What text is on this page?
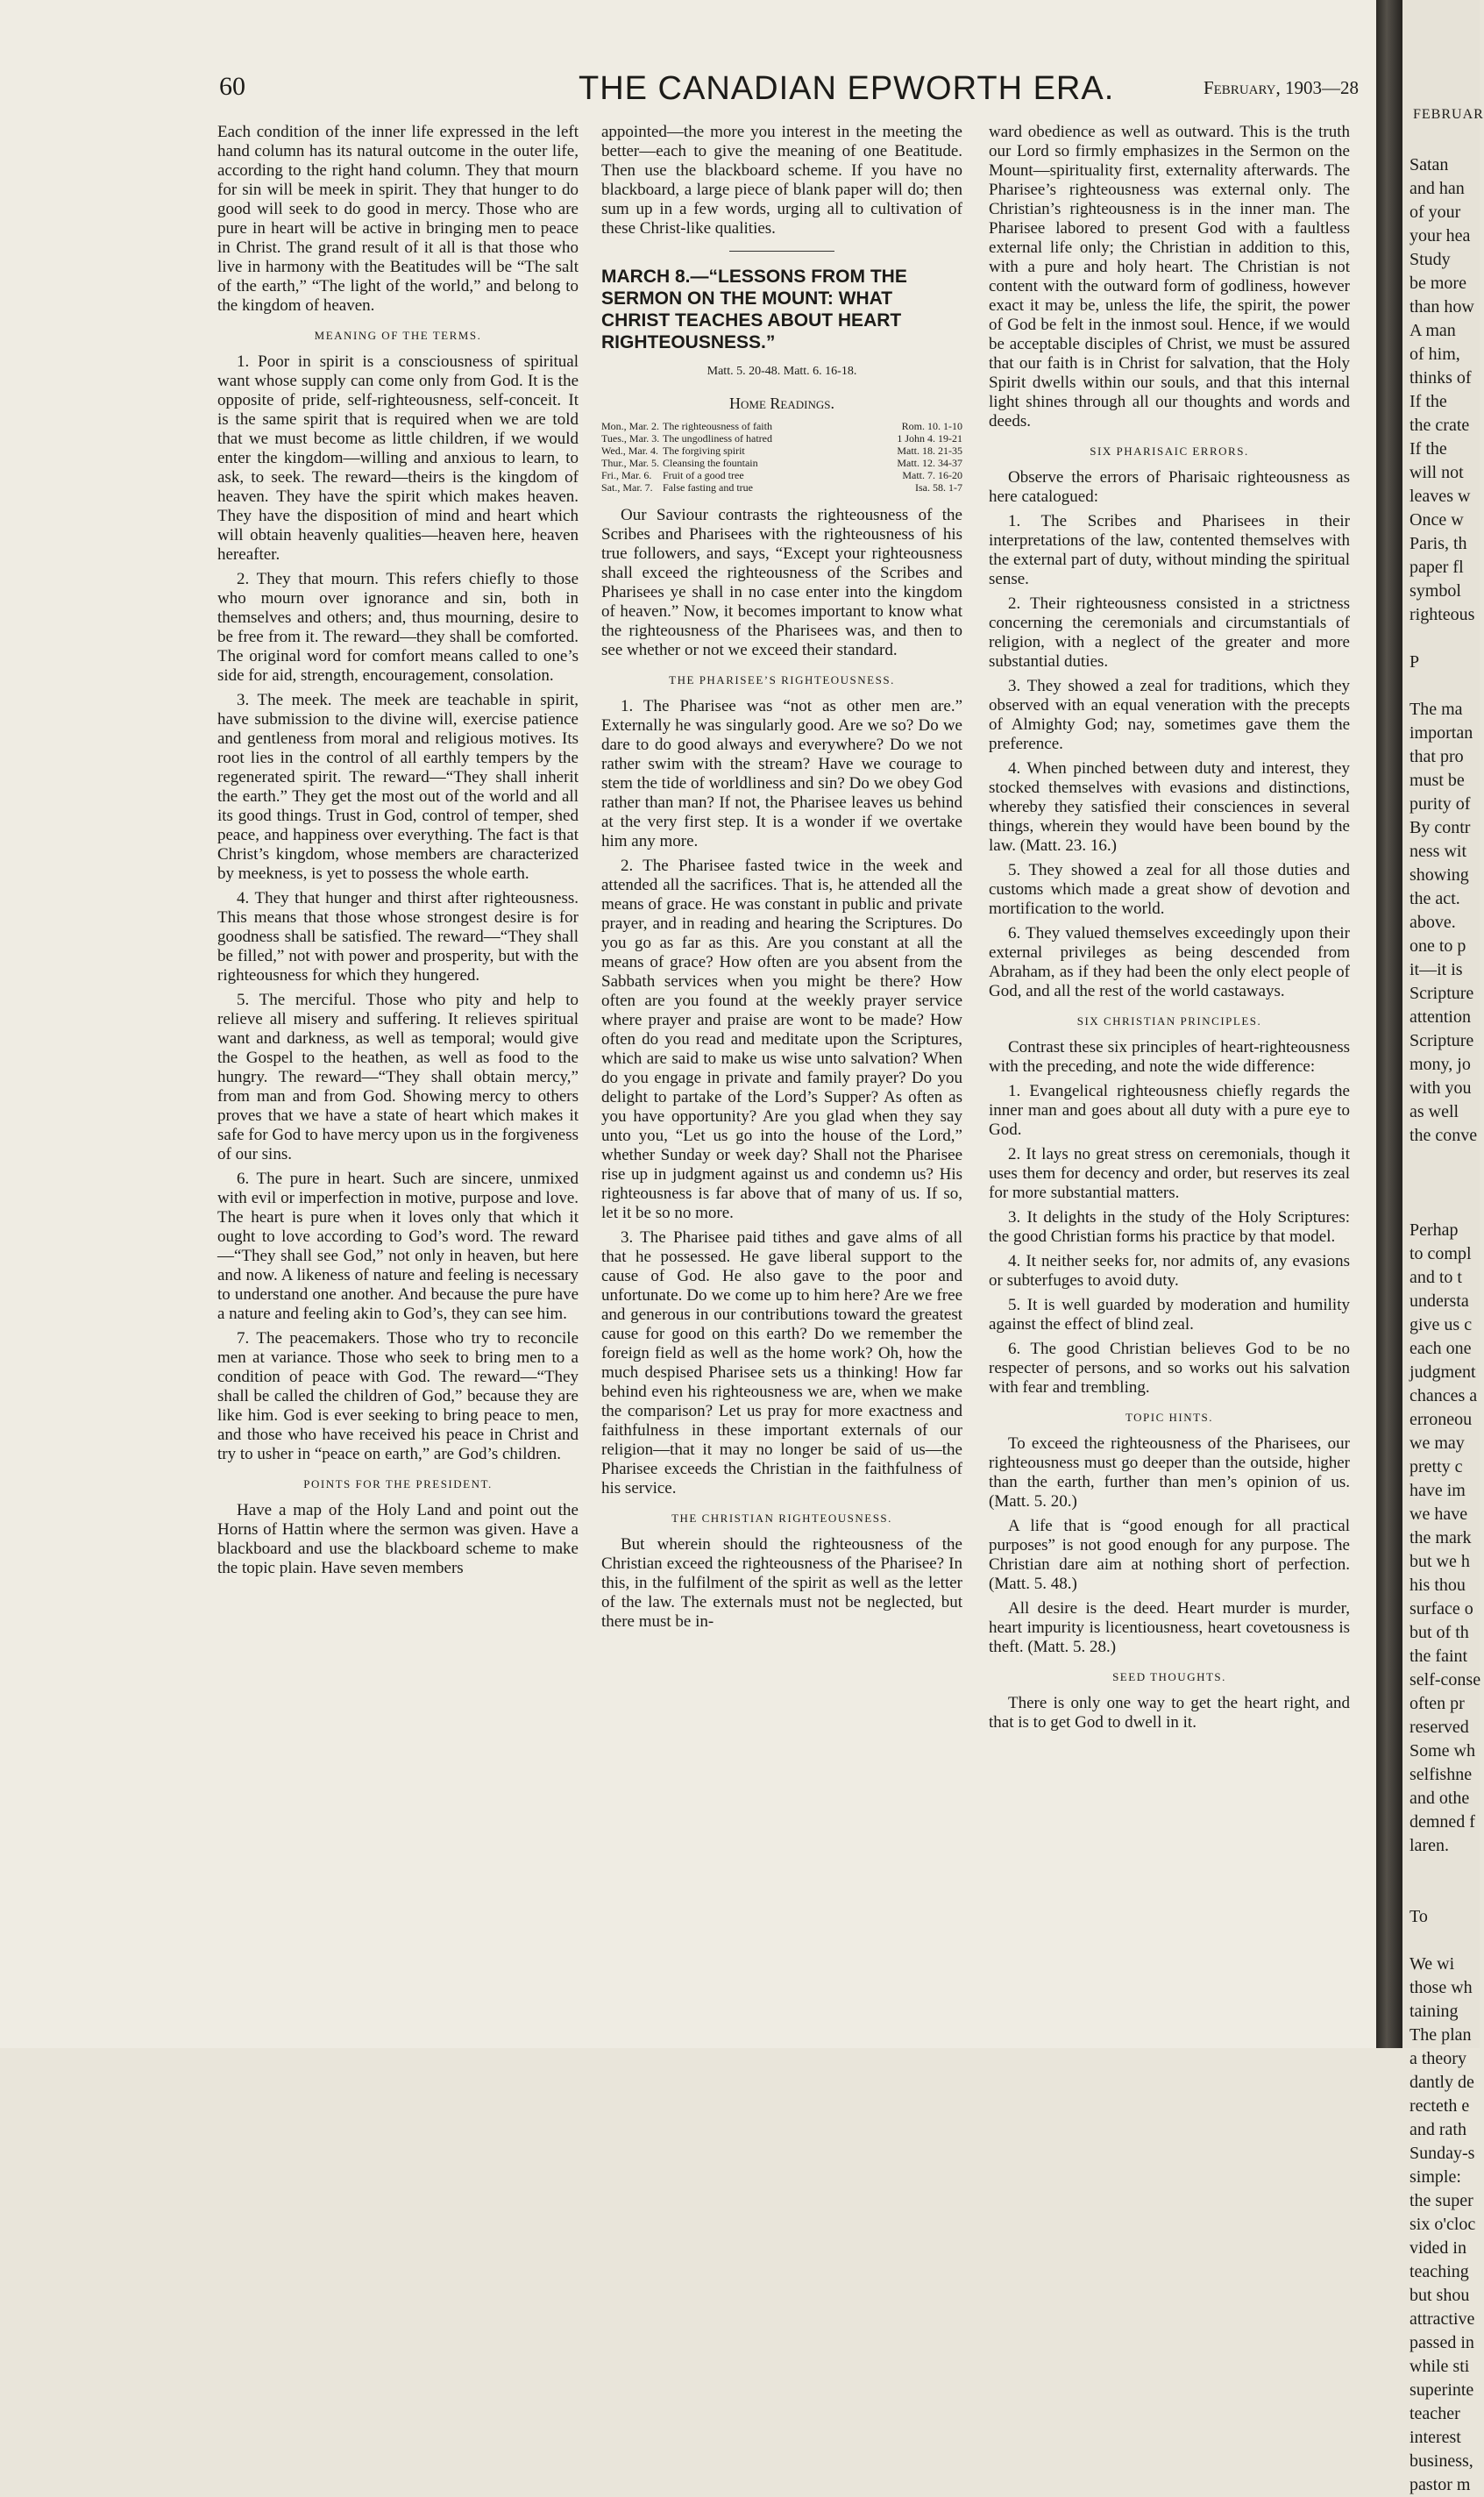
60	THE CANADIAN EPWORTH ERA.	February, 1903—28

Each condition of the inner life expressed in the left hand column has its natural outcome in the outer life, according to the right hand column. They that mourn for sin will be meek in spirit. They that hunger to do good will seek to do good in mercy. Those who are pure in heart will be active in bringing men to peace in Christ. The grand result of it all is that those who live in harmony with the Beatitudes will be “The salt of the earth,” “The light of the world,” and belong to the kingdom of heaven.

MEANING OF THE TERMS.

1. Poor in spirit is a consciousness of spiritual want whose supply can come only from God. It is the opposite of pride, self-righteousness, self-conceit. It is the same spirit that is required when we are told that we must become as little children, if we would enter the kingdom—willing and anxious to learn, to ask, to seek. The reward—theirs is the kingdom of heaven. They have the spirit which makes heaven. They have the disposition of mind and heart which will obtain heavenly qualities—heaven here, heaven hereafter.

2. They that mourn. This refers chiefly to those who mourn over ignorance and sin, both in themselves and others; and, thus mourning, desire to be free from it. The reward—they shall be comforted. The original word for comfort means called to one’s side for aid, strength, encouragement, consolation.

3. The meek. The meek are teachable in spirit, have submission to the divine will, exercise patience and gentleness from moral and religious motives. Its root lies in the control of all earthly tempers by the regenerated spirit. The reward—“They shall inherit the earth.” They get the most out of the world and all its good things. Trust in God, control of temper, shed peace, and happiness over everything. The fact is that Christ’s kingdom, whose members are characterized by meekness, is yet to possess the whole earth.

4. They that hunger and thirst after righteousness. This means that those whose strongest desire is for goodness shall be satisfied. The reward—“They shall be filled,” not with power and prosperity, but with the righteousness for which they hungered.

5. The merciful. Those who pity and help to relieve all misery and suffering. It relieves spiritual want and darkness, as well as temporal; would give the Gospel to the heathen, as well as food to the hungry. The reward—“They shall obtain mercy,” from man and from God. Showing mercy to others proves that we have a state of heart which makes it safe for God to have mercy upon us in the forgiveness of our sins.

6. The pure in heart. Such are sincere, unmixed with evil or imperfection in motive, purpose and love. The heart is pure when it loves only that which it ought to love according to God’s word. The reward—“They shall see God,” not only in heaven, but here and now. A likeness of nature and feeling is necessary to understand one another. And because the pure have a nature and feeling akin to God’s, they can see him.

7. The peacemakers. Those who try to reconcile men at variance. Those who seek to bring men to a condition of peace with God. The reward—“They shall be called the children of God,” because they are like him. God is ever seeking to bring peace to men, and those who have received his peace in Christ and try to usher in “peace on earth,” are God’s children.

POINTS FOR THE PRESIDENT.

Have a map of the Holy Land and point out the Horns of Hattin where the sermon was given. Have a blackboard and use the blackboard scheme to make the topic plain. Have seven members

appointed—the more you interest in the meeting the better—each to give the meaning of one Beatitude. Then use the blackboard scheme. If you have no blackboard, a large piece of blank paper will do; then sum up in a few words, urging all to cultivation of these Christ-like qualities.

MARCH 8.—“LESSONS FROM THE SERMON ON THE MOUNT: WHAT CHRIST TEACHES ABOUT HEART RIGHTEOUSNESS.”
Matt. 5. 20-48. Matt. 6. 16-18.
Home Readings.
Mon., Mar. 2. The righteousness of faith	Rom. 10. 1-10
Tues., Mar. 3. The ungodliness of hatred	1 John 4. 19-21
Wed., Mar. 4. The forgiving spirit	Matt. 18. 21-35
Thur., Mar. 5. Cleansing the fountain	Matt. 12. 34-37
Fri., Mar. 6.	Fruit of a good tree	Matt. 7. 16-20
Sat., Mar. 7. False fasting and true	Isa. 58. 1-7

Our Saviour contrasts the righteousness of the Scribes and Pharisees with the righteousness of his true followers, and says, “Except your righteousness shall exceed the righteousness of the Scribes and Pharisees ye shall in no case enter into the kingdom of heaven.” Now, it becomes important to know what the righteousness of the Pharisees was, and then to see whether or not we exceed their standard.

THE PHARISEE’S RIGHTEOUSNESS.

1. The Pharisee was “not as other men are.” Externally he was singularly good. Are we so? Do we dare to do good always and everywhere? Do we not rather swim with the stream? Have we courage to stem the tide of worldliness and sin? Do we obey God rather than man? If not, the Pharisee leaves us behind at the very first step. It is a wonder if we overtake him any more.

2. The Pharisee fasted twice in the week and attended all the sacrifices. That is, he attended all the means of grace. He was constant in public and private prayer, and in reading and hearing the Scriptures. Do you go as far as this. Are you constant at all the means of grace? How often are you absent from the Sabbath services when you might be there? How often are you found at the weekly prayer service where prayer and praise are wont to be made? How often do you read and meditate upon the Scriptures, which are said to make us wise unto salvation? When do you engage in private and family prayer? Do you delight to partake of the Lord’s Supper? As often as you have opportunity? Are you glad when they say unto you, “Let us go into the house of the Lord,” whether Sunday or week day? Shall not the Pharisee rise up in judgment against us and condemn us? His righteousness is far above that of many of us. If so, let it be so no more.

3. The Pharisee paid tithes and gave alms of all that he possessed. He gave liberal support to the cause of God. He also gave to the poor and unfortunate. Do we come up to him here? Are we free and generous in our contributions toward the greatest cause for good on this earth? Do we remember the foreign field as well as the home work? Oh, how the much despised Pharisee sets us a thinking! How far behind even his righteousness we are, when we make the comparison? Let us pray for more exactness and faithfulness in these important externals of our religion—that it may no longer be said of us—the Pharisee exceeds the Christian in the faithfulness of his service.

THE CHRISTIAN RIGHTEOUSNESS.

But wherein should the righteousness of the Christian exceed the righteousness of the Pharisee? In this, in the fulfilment of the spirit as well as the letter of the law. The externals must not be neglected, but there must be in-

ward obedience as well as outward. This is the truth our Lord so firmly emphasizes in the Sermon on the Mount—spirituality first, externality afterwards. The Pharisee’s righteousness was external only. The Christian’s righteousness is in the inner man. The Pharisee labored to present God with a faultless external life only; the Christian in addition to this, with a pure and holy heart. The Christian is not content with the outward form of godliness, however exact it may be, unless the life, the spirit, the power of God be felt in the inmost soul. Hence, if we would be acceptable disciples of Christ, we must be assured that our faith is in Christ for salvation, that the Holy Spirit dwells within our souls, and that this internal light shines through all our thoughts and words and deeds.

SIX PHARISAIC ERRORS.

Observe the errors of Pharisaic righteousness as here catalogued:

1. The Scribes and Pharisees in their interpretations of the law, contented themselves with the external part of duty, without minding the spiritual sense.

2. Their righteousness consisted in a strictness concerning the ceremonials and circumstantials of religion, with a neglect of the greater and more substantial duties.

3. They showed a zeal for traditions, which they observed with an equal veneration with the precepts of Almighty God; nay, sometimes gave them the preference.

4. When pinched between duty and interest, they stocked themselves with evasions and distinctions, whereby they satisfied their consciences in several things, wherein they would have been bound by the law. (Matt. 23. 16.)

5. They showed a zeal for all those duties and customs which made a great show of devotion and mortification to the world.

6. They valued themselves exceedingly upon their external privileges as being descended from Abraham, as if they had been the only elect people of God, and all the rest of the world castaways.

SIX CHRISTIAN PRINCIPLES.

Contrast these six principles of heart-righteousness with the preceding, and note the wide difference:

1. Evangelical righteousness chiefly regards the inner man and goes about all duty with a pure eye to God.

2. It lays no great stress on ceremonials, though it uses them for decency and order, but reserves its zeal for more substantial matters.

3. It delights in the study of the Holy Scriptures: the good Christian forms his practice by that model.

4. It neither seeks for, nor admits of, any evasions or subterfuges to avoid duty.

5. It is well guarded by moderation and humility against the effect of blind zeal.

6. The good Christian believes God to be no respecter of persons, and so works out his salvation with fear and trembling.

TOPIC HINTS.

To exceed the righteousness of the Pharisees, our righteousness must go deeper than the outside, higher than the earth, further than men’s opinion of us. (Matt. 5. 20.)

A life that is “good enough for all practical purposes” is not good enough for any purpose. The Christian dare aim at nothing short of perfection. (Matt. 5. 48.)

All desire is the deed. Heart murder is murder, heart impurity is licentiousness, heart covetousness is theft. (Matt. 5. 28.)

SEED THOUGHTS.

There is only one way to get the heart right, and that is to get God to dwell in it.

FEBRUAR
Satan
and han
of your
your hea
Study
be more
than how
A man
of him,
thinks of
If the
the crate
If the
will not
leaves w
Once w
Paris, th
paper fl
symbol
righteous
P
The ma
importan
that pro
must be
purity of
By contr
ness wit
showing
the act.
above.
one to p
it—it is
Scripture
attention
Scripture
mony, jo
with you
as well
the conve
Perhap
to compl
and to t
understa
give us c
each one
judgment
chances a
erroneou
we may
pretty c
have im
we have
the mark
but we h
his thou
surface o
but of th
the faint
self-conse
often pr
reserved
Some wh
selfishne
and othe
demned f
laren.
To
We wi
those wh
taining
The plan
a theory
dantly de
recteth e
and rath
Sunday-s
simple:
the super
six o'cloc
vided in
teaching
but shou
attractive
passed in
while sti
superinte
teacher
interest
business,
pastor m
